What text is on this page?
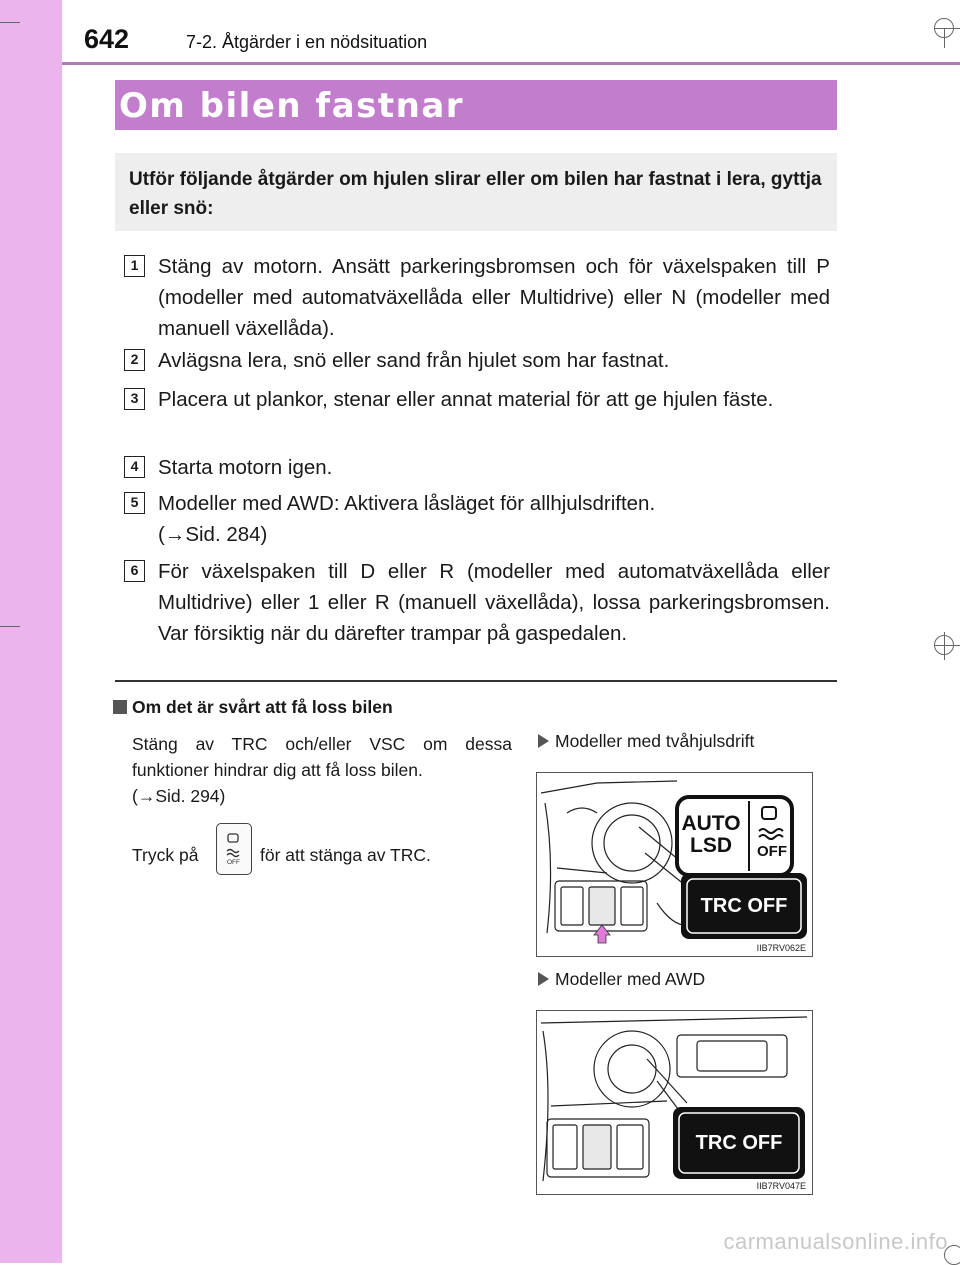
642	7-2. Åtgärder i en nödsituation
Om bilen fastnar
Utför följande åtgärder om hjulen slirar eller om bilen har fastnat i lera, gyttja eller snö:
1 Stäng av motorn. Ansätt parkeringsbromsen och för växelspaken till P (modeller med automatväxellåda eller Multidrive) eller N (modeller med manuell växellåda).
2 Avlägsna lera, snö eller sand från hjulet som har fastnat.
3 Placera ut plankor, stenar eller annat material för att ge hjulen fäste.
4 Starta motorn igen.
5 Modeller med AWD: Aktivera låsläget för allhjulsdriften.
(→Sid. 284)
6 För växelspaken till D eller R (modeller med automatväxellåda eller Multidrive) eller 1 eller R (manuell växellåda), lossa parkeringsbromsen. Var försiktig när du därefter trampar på gaspedalen.
Om det är svårt att få loss bilen
Stäng av TRC och/eller VSC om dessa funktioner hindrar dig att få loss bilen.
(→Sid. 294)
Tryck på	OFF för att stänga av TRC.
Modeller med tvåhjulsdrift
AUTO LSD	OFF
TRC OFF
IIB7RV062E
Modeller med AWD
TRC OFF
IIB7RV047E
carmanualsonline.info
